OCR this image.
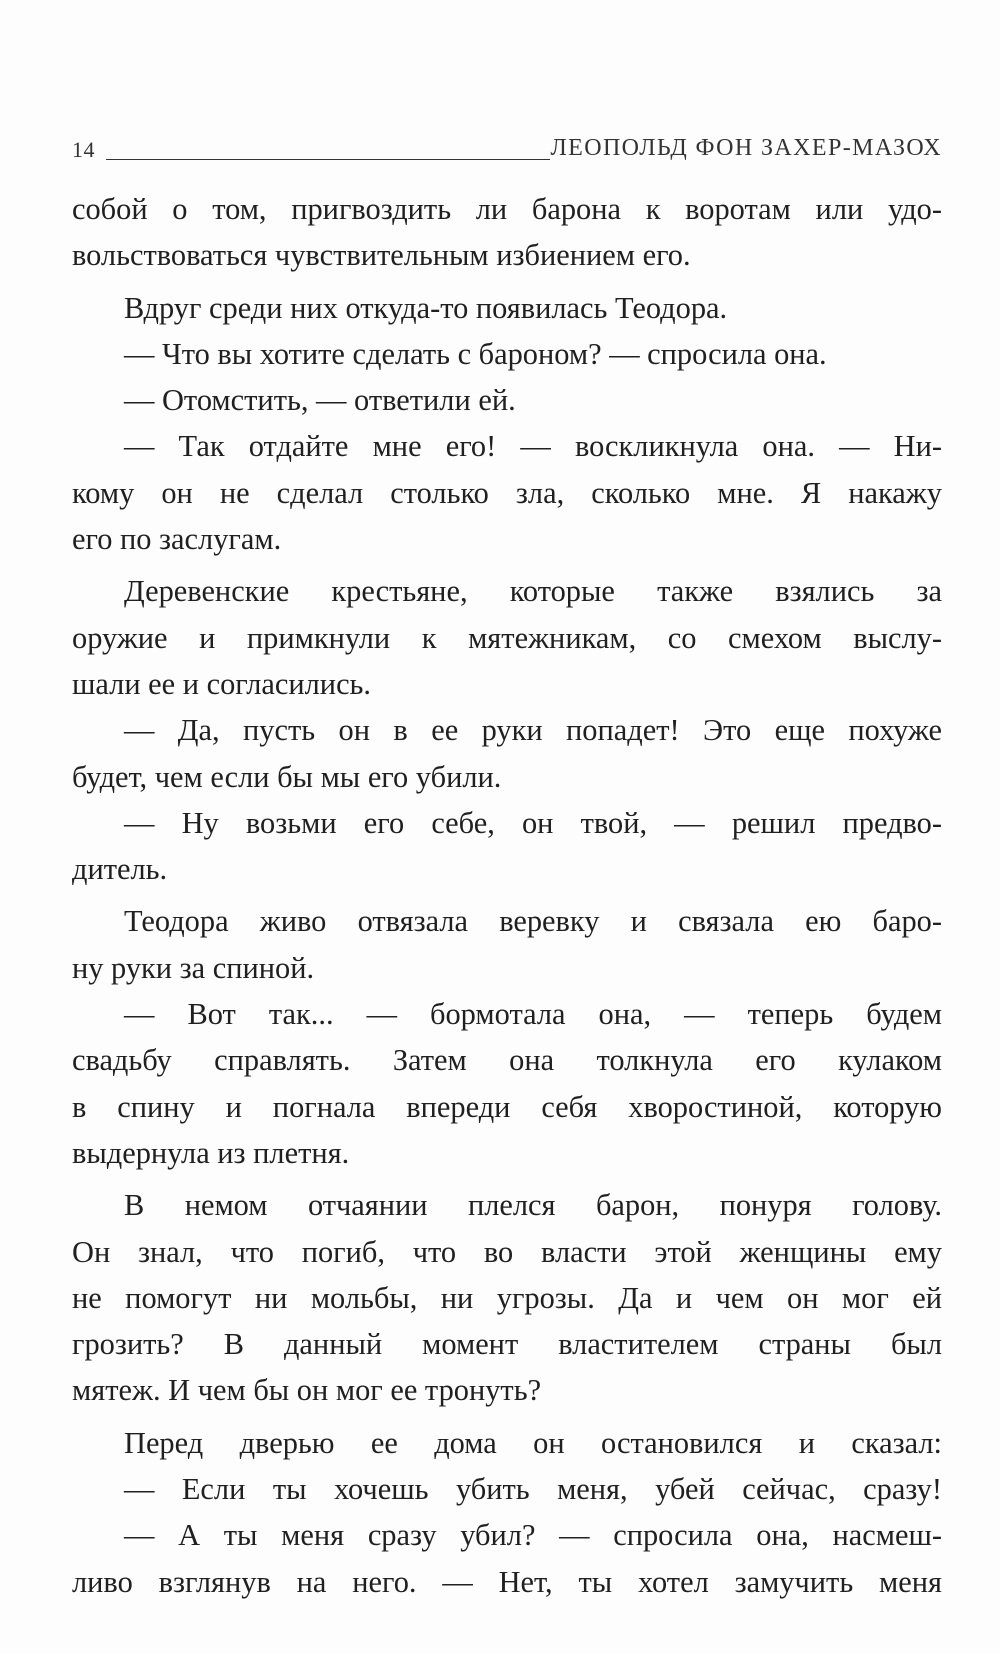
14	ЛЕОПОЛЬД ФОН ЗАХЕР-МАЗОХ
собой о том, пригвоздить ли барона к воротам или удо-
вольствоваться чувствительным избиением его.
Вдруг среди них откуда-то появилась Теодора.
— Что вы хотите сделать с бароном? — спросила она.
— Отомстить, — ответили ей.
— Так отдайте мне его! — воскликнула она. — Ни-
кому он не сделал столько зла, сколько мне. Я накажу
его по заслугам.
Деревенские крестьяне, которые также взялись за
оружие и примкнули к мятежникам, со смехом выслу-
шали ее и согласились.
— Да, пусть он в ее руки попадет! Это еще похуже
будет, чем если бы мы его убили.
— Ну возьми его себе, он твой, — решил предво-
дитель.
Теодора живо отвязала веревку и связала ею баро-
ну руки за спиной.
— Вот так... — бормотала она, — теперь будем
свадьбу справлять. Затем она толкнула его кулаком
в спину и погнала впереди себя хворостиной, которую
выдернула из плетня.
В немом отчаянии плелся барон, понуря голову.
Он знал, что погиб, что во власти этой женщины ему
не помогут ни мольбы, ни угрозы. Да и чем он мог ей
грозить? В данный момент властителем страны был
мятеж. И чем бы он мог ее тронуть?
Перед дверью ее дома он остановился и сказал:
— Если ты хочешь убить меня, убей сейчас, сразу!
— А ты меня сразу убил? — спросила она, насмеш-
ливо взглянув на него. — Нет, ты хотел замучить меня
